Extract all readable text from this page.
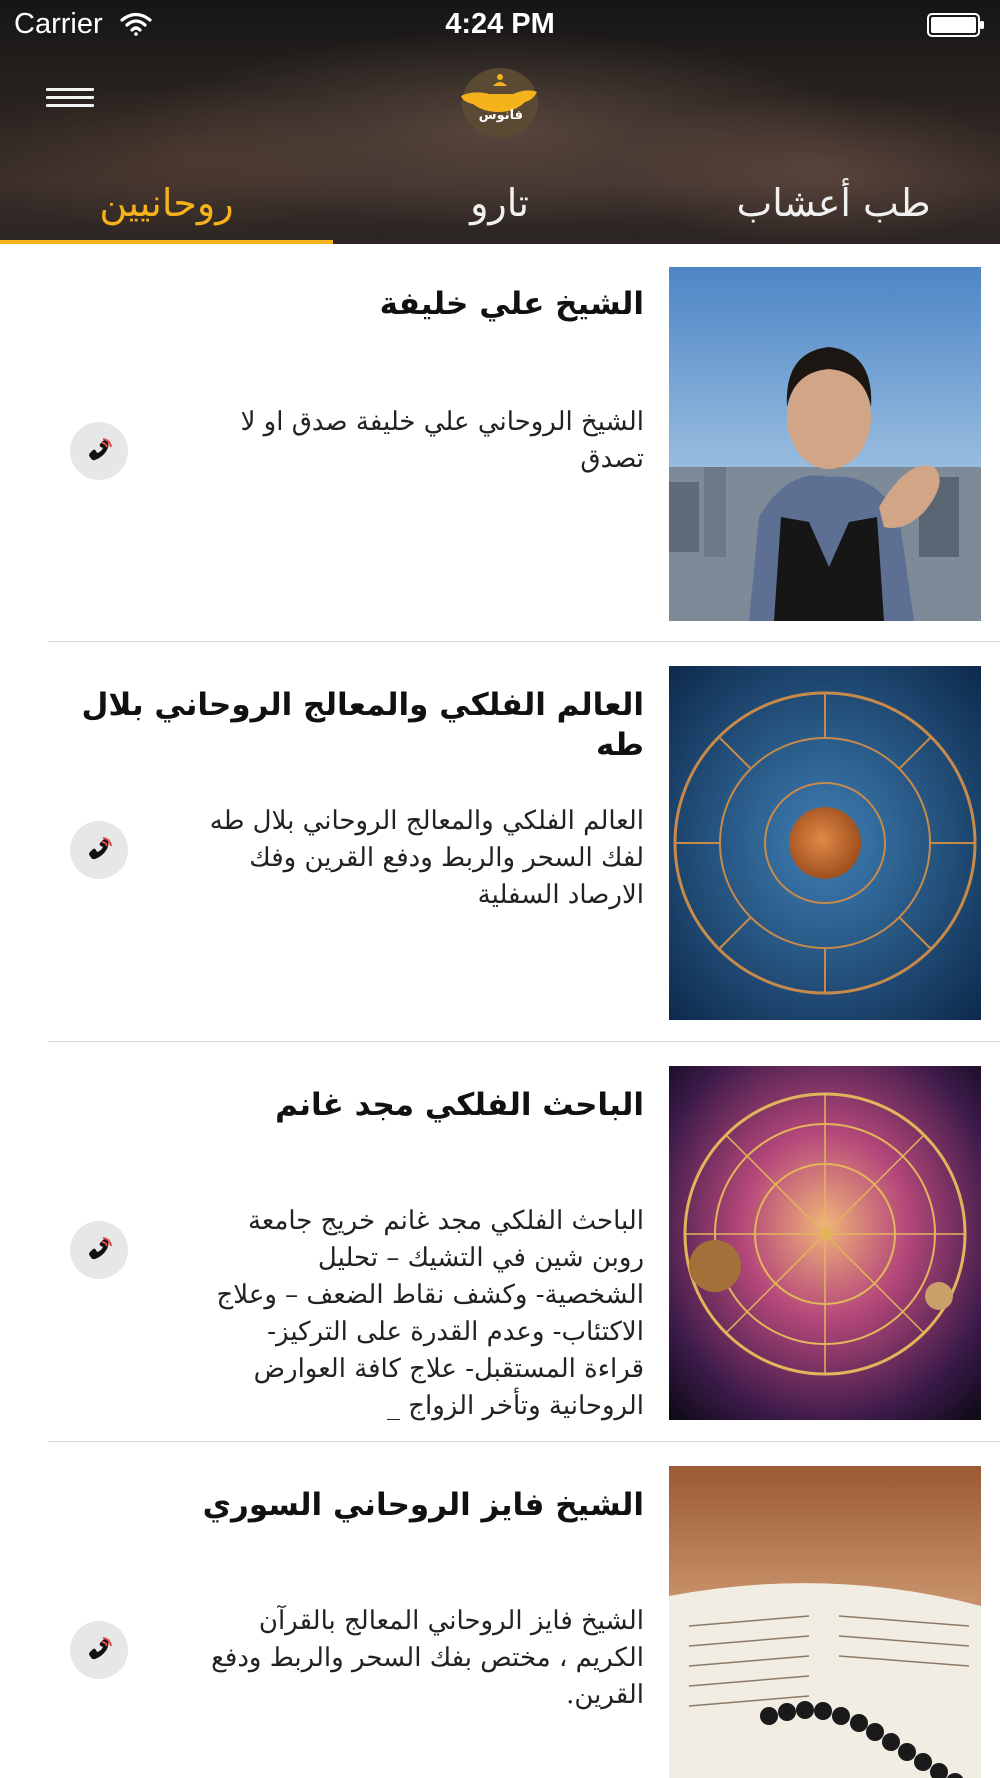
Carrier	4:24 PM
فانوس
طب أعشاب
تارو
روحانيين
الشيخ علي خليفة
الشيخ الروحاني علي خليفة صدق او لا تصدق
العالم الفلكي والمعالج الروحاني بلال طه
العالم الفلكي والمعالج الروحاني بلال طه لفك السحر والربط ودفع القرين وفك الارصاد السفلية
الباحث الفلكي مجد غانم
الباحث الفلكي مجد غانم خريج جامعة روبن شين في التشيك – تحليل الشخصية- وكشف نقاط الضعف – وعلاج الاكتئاب- وعدم القدرة على التركيز- قراءة المستقبل- علاج كافة العوارض الروحانية وتأخر الزواج _
الشيخ فايز الروحاني السوري
الشيخ فايز الروحاني المعالج بالقرآن الكريم ، مختص بفك السحر والربط ودفع القرين.
